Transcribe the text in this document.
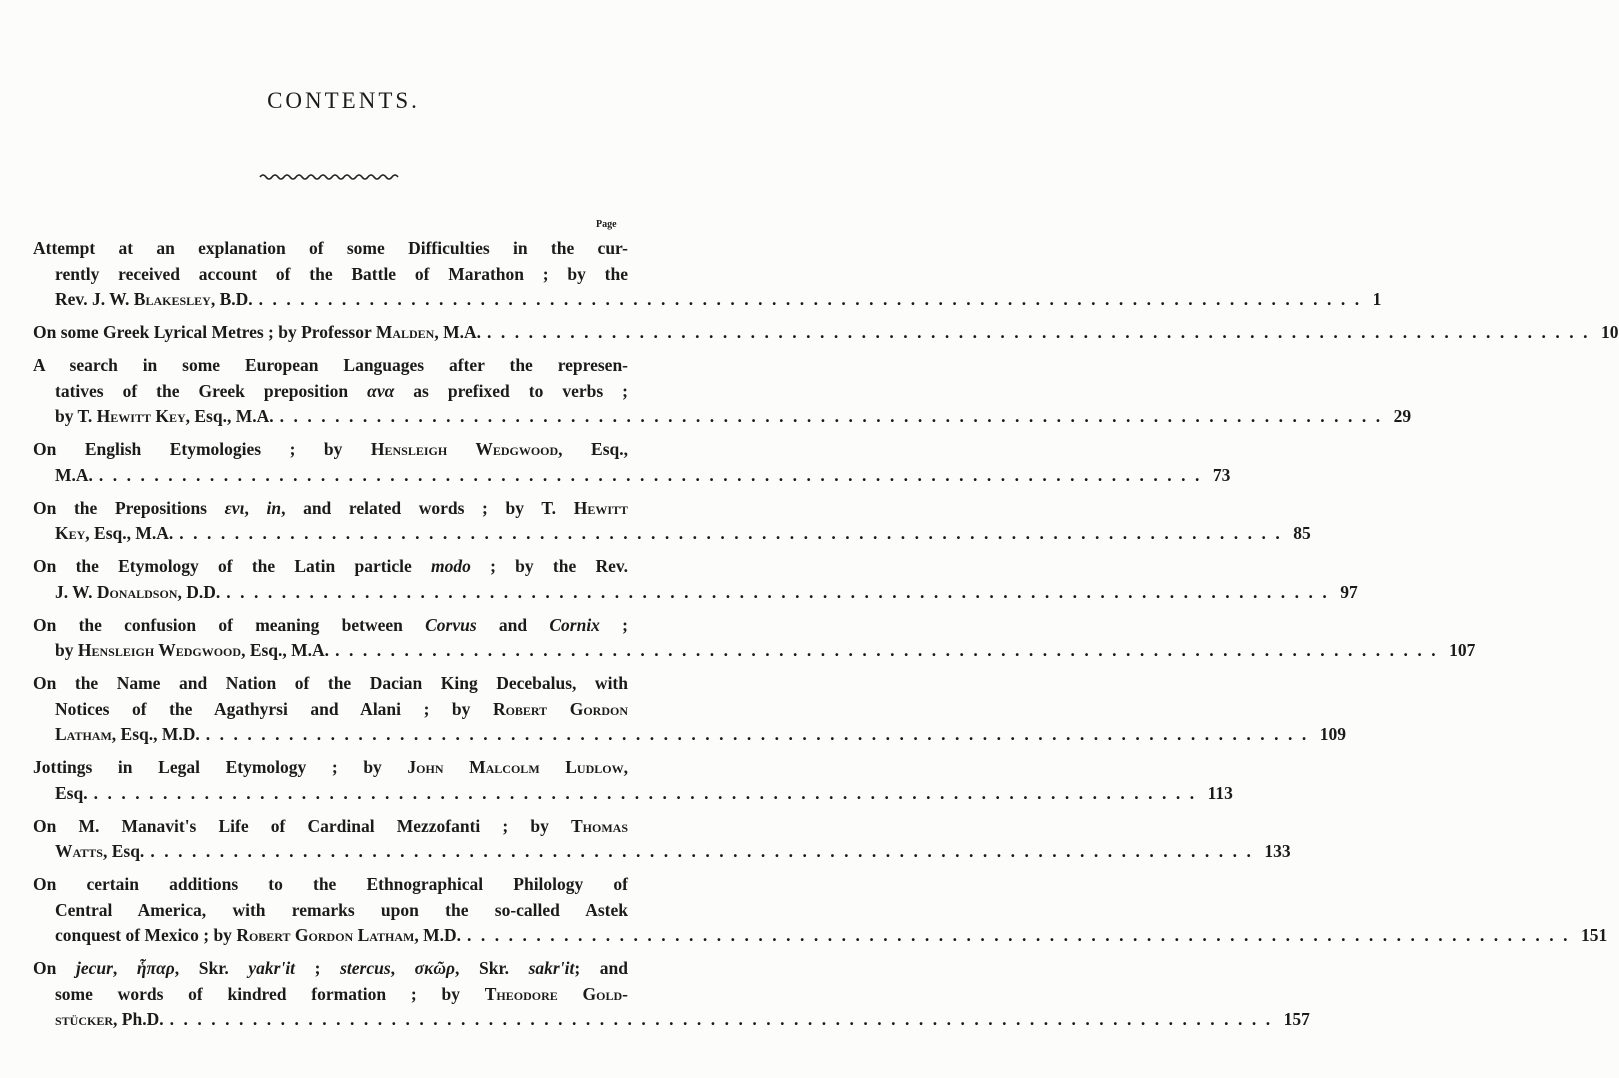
CONTENTS.
Page
Attempt at an explanation of some Difficulties in the cur-
rently received account of the Battle of Marathon ; by the
Rev. J. W. Blakesley, B.D. ................................................................................ 1
On some Greek Lyrical Metres ; by Professor Malden, M.A. ................................................................................ 10
A search in some European Languages after the represen-
tatives of the Greek preposition ανα as prefixed to verbs ;
by T. Hewitt Key, Esq., M.A. ................................................................................ 29
On English Etymologies ; by Hensleigh Wedgwood, Esq.,
M.A. ................................................................................ 73
On the Prepositions ενι, in, and related words ; by T. Hewitt
Key, Esq., M.A. ................................................................................ 85
On the Etymology of the Latin particle modo ; by the Rev.
J. W. Donaldson, D.D. ................................................................................ 97
On the confusion of meaning between Corvus and Cornix ;
by Hensleigh Wedgwood, Esq., M.A. ................................................................................ 107
On the Name and Nation of the Dacian King Decebalus, with
Notices of the Agathyrsi and Alani ; by Robert Gordon
Latham, Esq., M.D. ................................................................................ 109
Jottings in Legal Etymology ; by John Malcolm Ludlow,
Esq. ................................................................................ 113
On M. Manavit's Life of Cardinal Mezzofanti ; by Thomas
Watts, Esq. ................................................................................ 133
On certain additions to the Ethnographical Philology of
Central America, with remarks upon the so-called Astek
conquest of Mexico ; by Robert Gordon Latham, M.D. ................................................................................ 151
On jecur, ἧπαρ, Skr. yakr'it ; stercus, σκῶρ, Skr. sakr'it; and
some words of kindred formation ; by Theodore Gold-
stücker, Ph.D. ................................................................................ 157
